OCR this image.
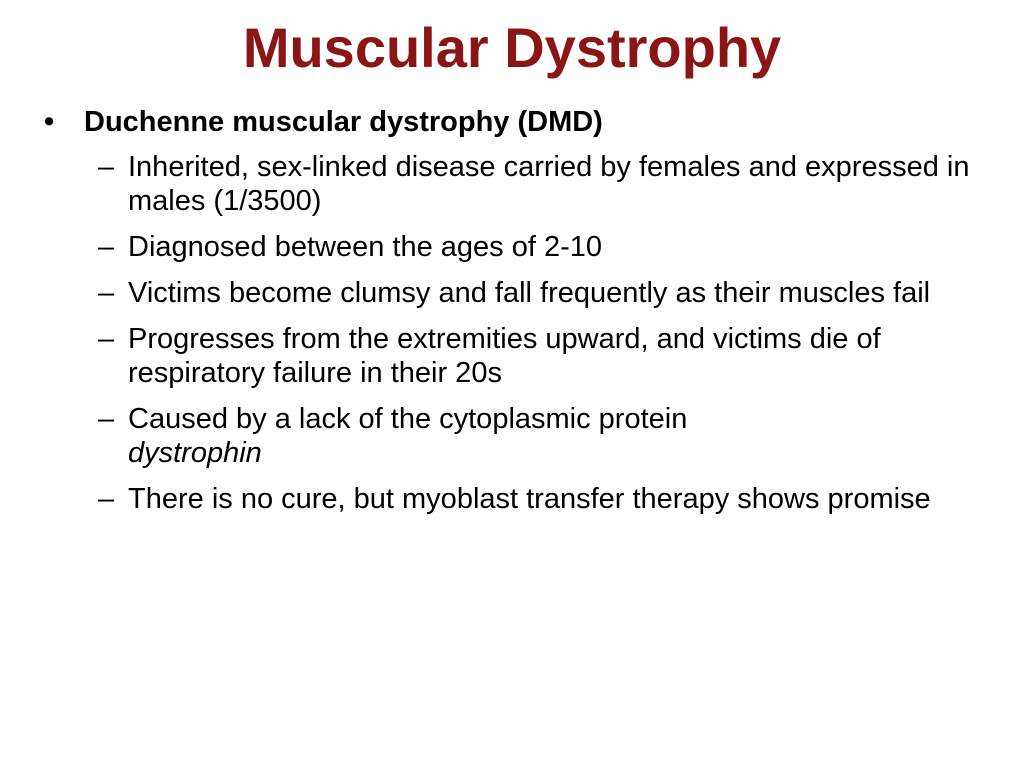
Muscular Dystrophy
• Duchenne muscular dystrophy (DMD)
– Inherited, sex-linked disease carried by females and expressed in males (1/3500)
– Diagnosed between the ages of 2-10
– Victims become clumsy and fall frequently as their muscles fail
– Progresses from the extremities upward, and victims die of respiratory failure in their 20s
– Caused by a lack of the cytoplasmic protein
dystrophin
– There is no cure, but myoblast transfer therapy shows promise
